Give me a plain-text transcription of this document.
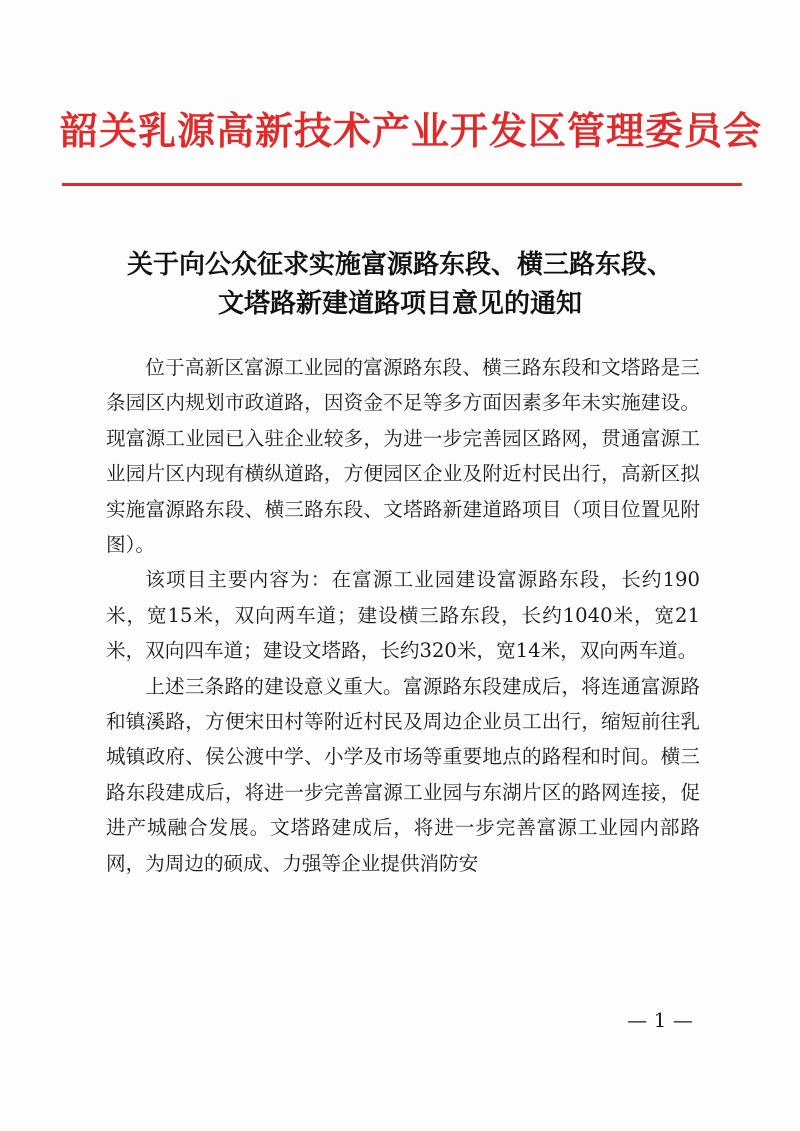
韶关乳源高新技术产业开发区管理委员会
关于向公众征求实施富源路东段、横三路东段、
文塔路新建道路项目意见的通知

位于高新区富源工业园的富源路东段、横三路东段和文塔路是三条园区内规划市政道路，因资金不足等多方面因素多年未实施建设。现富源工业园已入驻企业较多，为进一步完善园区路网，贯通富源工业园片区内现有横纵道路，方便园区企业及附近村民出行，高新区拟实施富源路东段、横三路东段、文塔路新建道路项目（项目位置见附图）。

该项目主要内容为：在富源工业园建设富源路东段，长约190米，宽15米，双向两车道；建设横三路东段，长约1040米，宽21米，双向四车道；建设文塔路，长约320米，宽14米，双向两车道。

上述三条路的建设意义重大。富源路东段建成后，将连通富源路和镇溪路，方便宋田村等附近村民及周边企业员工出行，缩短前往乳城镇政府、侯公渡中学、小学及市场等重要地点的路程和时间。横三路东段建成后，将进一步完善富源工业园与东湖片区的路网连接，促进产城融合发展。文塔路建成后，将进一步完善富源工业园内部路网，为周边的硕成、力强等企业提供消防安

— 1 —
